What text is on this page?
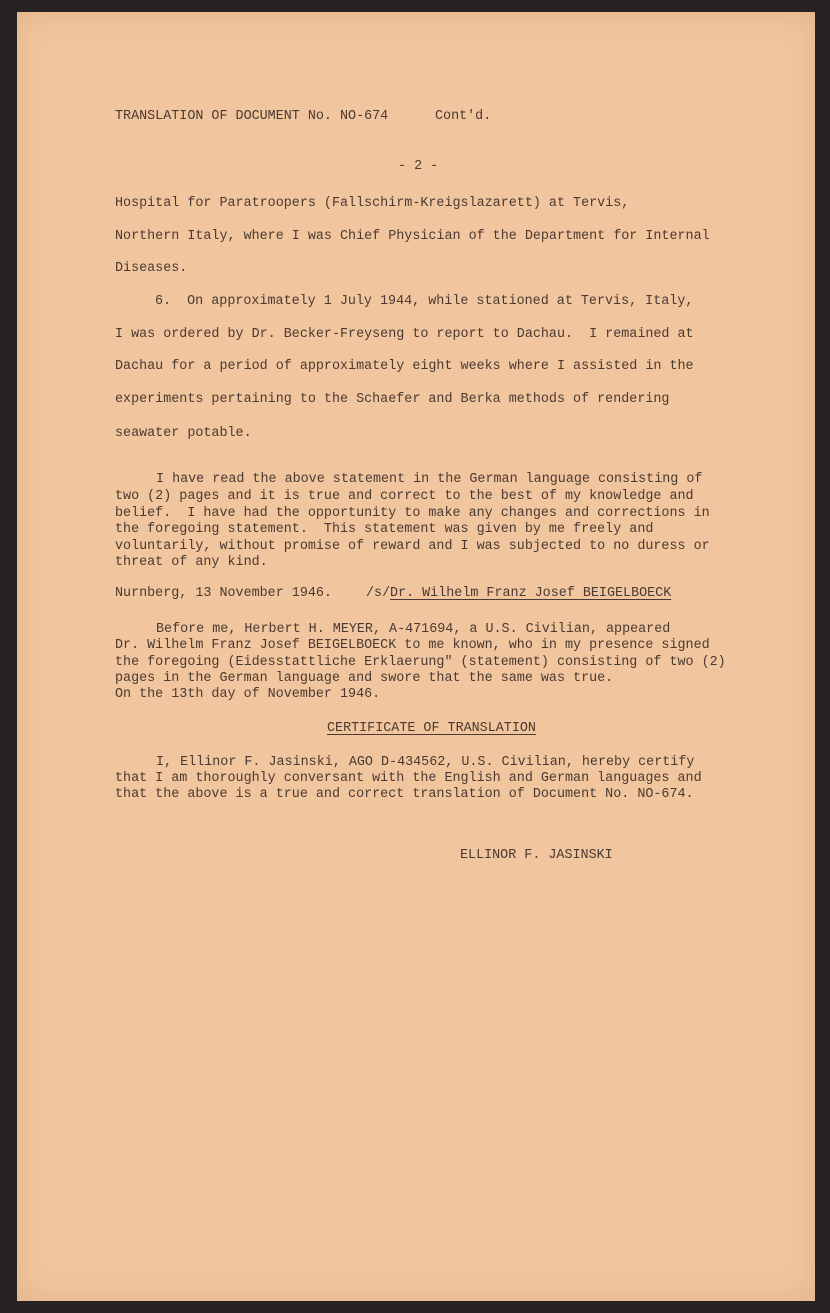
TRANSLATION OF DOCUMENT No. NO-674	Cont'd.
- 2 -
Hospital for Paratroopers (Fallschirm-Kreigslazarett) at Tervis,
Northern Italy, where I was Chief Physician of the Department for Internal
Diseases.
6.  On approximately 1 July 1944, while stationed at Tervis, Italy,
I was ordered by Dr. Becker-Freyseng to report to Dachau.  I remained at
Dachau for a period of approximately eight weeks where I assisted in the
experiments pertaining to the Schaefer and Berka methods of rendering
seawater potable.
I have read the above statement in the German language consisting of
two (2) pages and it is true and correct to the best of my knowledge and
belief.  I have had the opportunity to make any changes and corrections in
the foregoing statement.  This statement was given by me freely and
voluntarily, without promise of reward and I was subjected to no duress or
threat of any kind.
Nurnberg, 13 November 1946.	/s/ Dr. Wilhelm Franz Josef BEIGELBOECK
Before me, Herbert H. MEYER, A-471694, a U.S. Civilian, appeared
Dr. Wilhelm Franz Josef BEIGELBOECK to me known, who in my presence signed
the foregoing (Eidesstattliche Erklaerung" (statement) consisting of two (2)
pages in the German language and swore that the same was true.
On the 13th day of November 1946.
CERTIFICATE OF TRANSLATION
I, Ellinor F. Jasinski, AGO D-434562, U.S. Civilian, hereby certify
that I am thoroughly conversant with the English and German languages and
that the above is a true and correct translation of Document No. NO-674.
ELLINOR F. JASINSKI
